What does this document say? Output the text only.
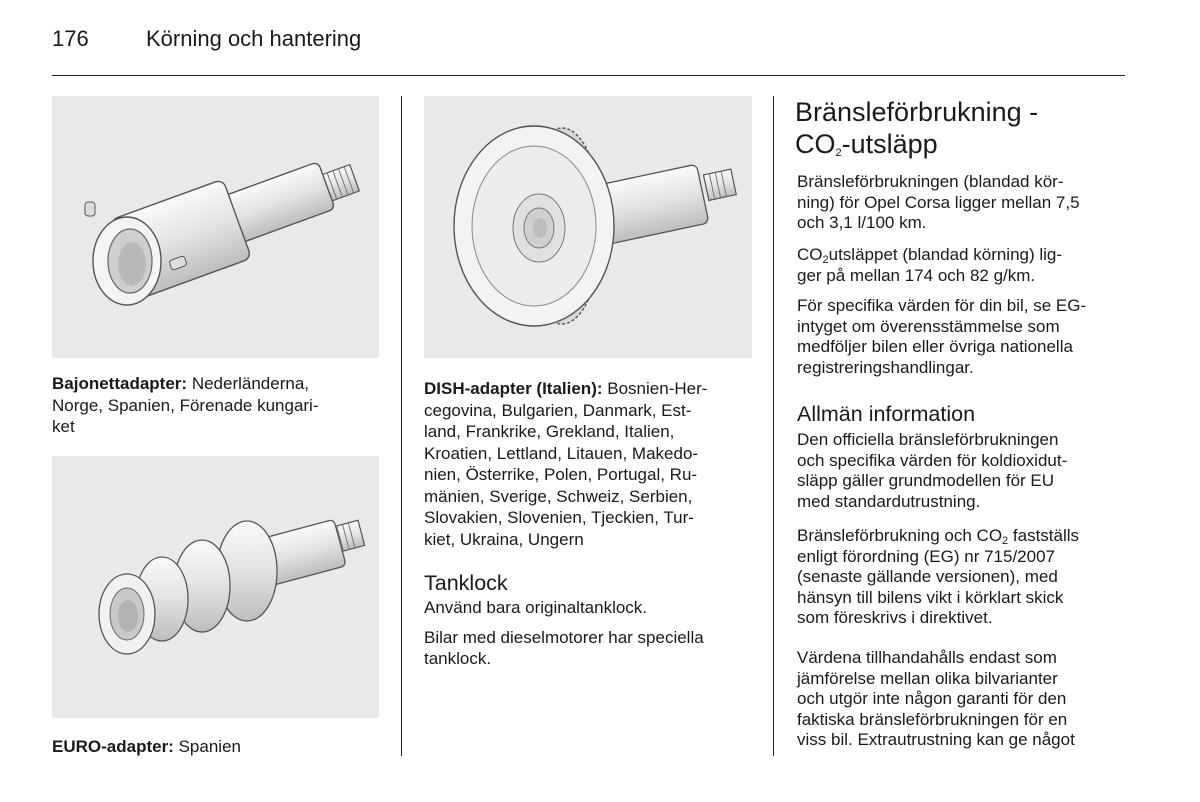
176	Körning och hantering
Bajonettadapter: Nederländerna,
Norge, Spanien, Förenade kungari-
ket
EURO-adapter: Spanien
DISH-adapter (Italien): Bosnien-Her-
cegovina, Bulgarien, Danmark, Est-
land, Frankrike, Grekland, Italien,
Kroatien, Lettland, Litauen, Makedo-
nien, Österrike, Polen, Portugal, Ru-
mänien, Sverige, Schweiz, Serbien,
Slovakien, Slovenien, Tjeckien, Tur-
kiet, Ukraina, Ungern
Tanklock
Använd bara originaltanklock.
Bilar med dieselmotorer har speciella
tanklock.
Bränsleförbrukning -
$CO_2$-utsläpp
Bränsleförbrukningen (blandad kör-
ning) för Opel Corsa ligger mellan 7,5
och 3,1 l/100 km.
$CO_2utsläppet$ (blandad körning) lig-
ger på mellan 174 och 82 g/km.
För specifika värden för din bil, se EG-
intyget om överensstämmelse som
medföljer bilen eller övriga nationella
registreringshandlingar.
Allmän information
Den officiella bränsleförbrukningen
och specifika värden för koldioxidut-
släpp gäller grundmodellen för EU
med standardutrustning.
Bränsleförbrukning och $CO_2$ fastställs
enligt förordning (EG) nr 715/2007
(senaste gällande versionen), med
hänsyn till bilens vikt i körklart skick
som föreskrivs i direktivet.
Värdena tillhandahålls endast som
jämförelse mellan olika bilvarianter
och utgör inte någon garanti för den
faktiska bränsleförbrukningen för en
viss bil. Extrautrustning kan ge något
